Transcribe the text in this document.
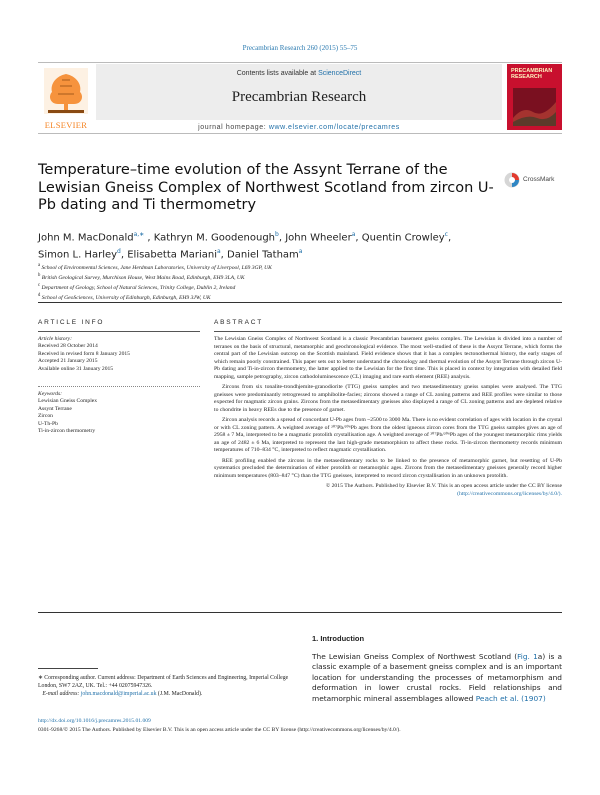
Precambrian Research 260 (2015) 55–75
ELSEVIER
Contents lists available at ScienceDirect
Precambrian Research
journal homepage: www.elsevier.com/locate/precamres
PRECAMBRIAN RESEARCH
Temperature–time evolution of the Assynt Terrane of the Lewisian Gneiss Complex of Northwest Scotland from zircon U-Pb dating and Ti thermometry
CrossMark
John M. MacDonald$^{a,∗}$ , Kathryn M. Goodenough$^b$, John Wheeler$^a$, Quentin Crowley$^c$,
Simon L. Harley$^d$, Elisabetta Mariani$^a$, Daniel Tatham$^a$
$^a$ School of Environmental Sciences, Jane Herdman Laboratories, University of Liverpool, L69 3GP, UK
$^b$ British Geological Survey, Murchison House, West Mains Road, Edinburgh, EH9 3LA, UK
$^c$ Department of Geology, School of Natural Sciences, Trinity College, Dublin 2, Ireland
$^d$ School of GeoSciences, University of Edinburgh, Edinburgh, EH9 3JW, UK
ARTICLE INFO
Article history:
Received 28 October 2014
Received in revised form 8 January 2015
Accepted 21 January 2015
Available online 31 January 2015
Keywords:
Lewisian Gneiss Complex
Assynt Terrane
Zircon
U-Th-Pb
Ti-in-zircon thermometry
ABSTRACT

The Lewisian Gneiss Complex of Northwest Scotland is a classic Precambrian basement gneiss complex. The Lewisian is divided into a number of terranes on the basis of structural, metamorphic and geochronological evidence. The most well-studied of these is the Assynt Terrane, which forms the central part of the Lewisian outcrop on the Scottish mainland. Field evidence shows that it has a complex tectonothermal history, the early stages of which remain poorly constrained. This paper sets out to better understand the chronology and thermal evolution of the Assynt Terrane through zircon U-Pb dating and Ti-in-zircon thermometry, the latter applied to the Lewisian for the first time. This is placed in context by integration with detailed field mapping, sample petrography, zircon cathodoluminescence (CL) imaging and rare earth element (REE) analysis.

Zircons from six tonalite-trondhjemite-granodiorite (TTG) gneiss samples and two metasedimentary gneiss samples were analysed. The TTG gneisses were predominantly retrogressed to amphibolite-facies; zircons showed a range of CL zoning patterns and REE profiles were similar to those expected for magmatic zircon grains. Zircons from the metasedimentary gneisses also displayed a range of CL zoning patterns and are depleted relative to chondrite in heavy REEs due to the presence of garnet.

Zircon analysis records a spread of concordant U-Pb ages from ~2500 to 3000 Ma. There is no evident correlation of ages with location in the crystal or with CL zoning pattern. A weighted average of ²⁰⁷Pb/²⁰⁶Pb ages from the oldest igneous zircon cores from the TTG gneiss samples gives an age of 2958 ± 7 Ma, interpreted to be a magmatic protolith crystallisation age. A weighted average of ²⁰⁷Pb/²⁰⁶Pb ages of the youngest metamorphic rims yields an age of 2482 ± 6 Ma, interpreted to represent the last high-grade metamorphism to affect these rocks. Ti-in-zircon thermometry records minimum temperatures of 710–834 °C, interpreted to reflect magmatic crystallisation.

REE profiling enabled the zircons in the metasedimentary rocks to be linked to the presence of metamorphic garnet, but resetting of U-Pb systematics precluded the determination of either protolith or metamorphic ages. Zircons from the metasedimentary gneisses generally record higher minimum temperatures (803–847 °C) than the TTG gneisses, interpreted to record zircon crystallisation in an unknown protolith.

© 2015 The Authors. Published by Elsevier B.V. This is an open access article under the CC BY license
(http://creativecommons.org/licenses/by/4.0/).
1. Introduction
The Lewisian Gneiss Complex of Northwest Scotland (Fig. 1a) is a classic example of a basement gneiss complex and is an important location for understanding the processes of metamorphism and deformation in lower crustal rocks. Field relationships and metamorphic mineral assemblages allowed Peach et al. (1907)
∗ Corresponding author. Current address: Department of Earth Sciences and Engineering, Imperial College London, SW7 2AZ, UK. Tel.: +44 02075947326.
E-mail address: john.macdonald@imperial.ac.uk (J.M. MacDonald).
http://dx.doi.org/10.1016/j.precamres.2015.01.009
0301-9268/© 2015 The Authors. Published by Elsevier B.V. This is an open access article under the CC BY license (http://creativecommons.org/licenses/by/4.0/).
